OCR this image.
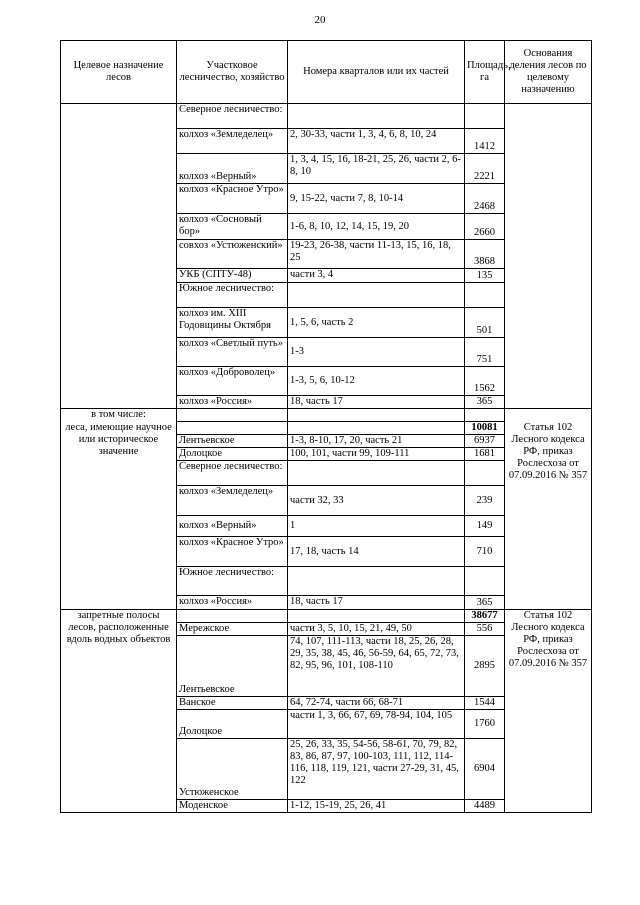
20
Целевое назначение лесов	Участковое лесничество, хозяйство	Номера кварталов или их частей	Площадь, га	Основания деления лесов по целевому назначению
	Северное лесничество:			
	колхоз «Земледелец»	2, 30-33, части 1, 3, 4, 6, 8, 10, 24	1412	
	колхоз «Верный»	1, 3, 4, 15, 16, 18-21, 25, 26, части 2, 6-8, 10	2221	
	колхоз «Красное Утро»	9, 15-22, части 7, 8, 10-14	2468	
	колхоз «Сосновый бор»	1-6, 8, 10, 12, 14, 15, 19, 20	2660	
	совхоз «Устюженский»	19-23, 26-38, части 11-13, 15, 16, 18, 25	3868	
	УКБ (СПТУ-48)	части 3, 4	135	
	Южное лесничество:			
	колхоз им. XIII Годовщины Октября	1, 5, 6, часть 2	501	
	колхоз «Светлый путь»	1-3	751	
	колхоз «Доброволец»	1-3, 5, 6, 10-12	1562	
	колхоз «Россия»	18, часть 17	365	
в том числе:				
леса, имеющие научное или историческое значение			10081	Статья 102 Лесного кодекса РФ, приказ Рослесхоза от 07.09.2016 № 357
	Лентьевское	1-3, 8-10, 17, 20, часть 21	6937	
	Долоцкое	100, 101, части 99, 109-111	1681	
	Северное лесничество:			
	колхоз «Земледелец»	части 32, 33	239	
	колхоз «Верный»	1	149	
	колхоз «Красное Утро»	17, 18, часть 14	710	
	Южное лесничество:			
	колхоз «Россия»	18, часть 17	365	
запретные полосы лесов, расположенные вдоль водных объектов			38677	Статья 102 Лесного кодекса РФ, приказ Рослесхоза от 07.09.2016 № 357
	Мережское	части 3, 5, 10, 15, 21, 49, 50	556	
	Лентьевское	74, 107, 111-113, части 18, 25, 26, 28, 29, 35, 38, 45, 46, 56-59, 64, 65, 72, 73, 82, 95, 96, 101, 108-110	2895	
	Ванское	64, 72-74, части 66, 68-71	1544	
	Долоцкое	части 1, 3, 66, 67, 69, 78-94, 104, 105	1760	
	Устюженское	25, 26, 33, 35, 54-56, 58-61, 70, 79, 82, 83, 86, 87, 97, 100-103, 111, 112, 114-116, 118, 119, 121, части 27-29, 31, 45, 122	6904	
	Моденское	1-12, 15-19, 25, 26, 41	4489	
